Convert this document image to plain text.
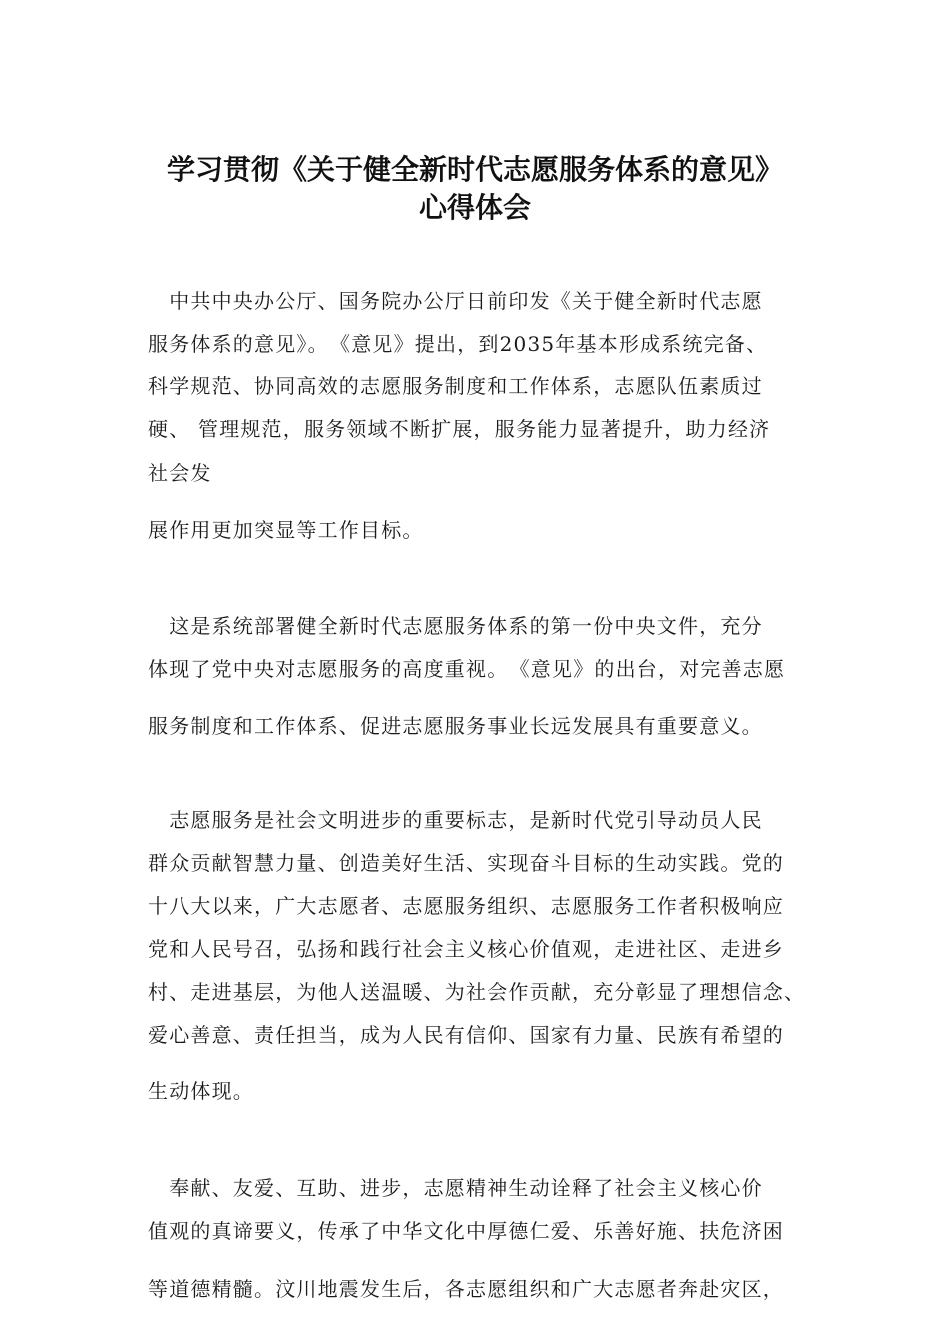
学习贯彻《关于健全新时代志愿服务体系的意见》
心得体会

　中共中央办公厅、国务院办公厅日前印发《关于健全新时代志愿

服务体系的意见》。　《意见》提出，到2035年基本形成系统完备、

科学规范、协同高效的志愿服务制度和工作体系，志愿队伍素质过

硬、 管理规范，服务领域不断扩展，服务能力显著提升，助力经济

社会发

展作用更加突显等工作目标。

　这是系统部署健全新时代志愿服务体系的第一份中央文件，充分

体现了党中央对志愿服务的高度重视。　《意见》的出台，对完善志愿

服务制度和工作体系、促进志愿服务事业长远发展具有重要意义。

　志愿服务是社会文明进步的重要标志，是新时代党引导动员人民

群众贡献智慧力量、创造美好生活、实现奋斗目标的生动实践。党的

十八大以来，广大志愿者、志愿服务组织、志愿服务工作者积极响应

党和人民号召，弘扬和践行社会主义核心价值观，走进社区、走进乡

村、走进基层，为他人送温暖、为社会作贡献，充分彰显了理想信念、

爱心善意、责任担当，成为人民有信仰、国家有力量、民族有希望的

生动体现。

　奉献、友爱、互助、进步，志愿精神生动诠释了社会主义核心价

值观的真谛要义，传承了中华文化中厚德仁爱、乐善好施、扶危济困

等道德精髓。汶川地震发生后，各志愿组织和广大志愿者奔赴灾区，
